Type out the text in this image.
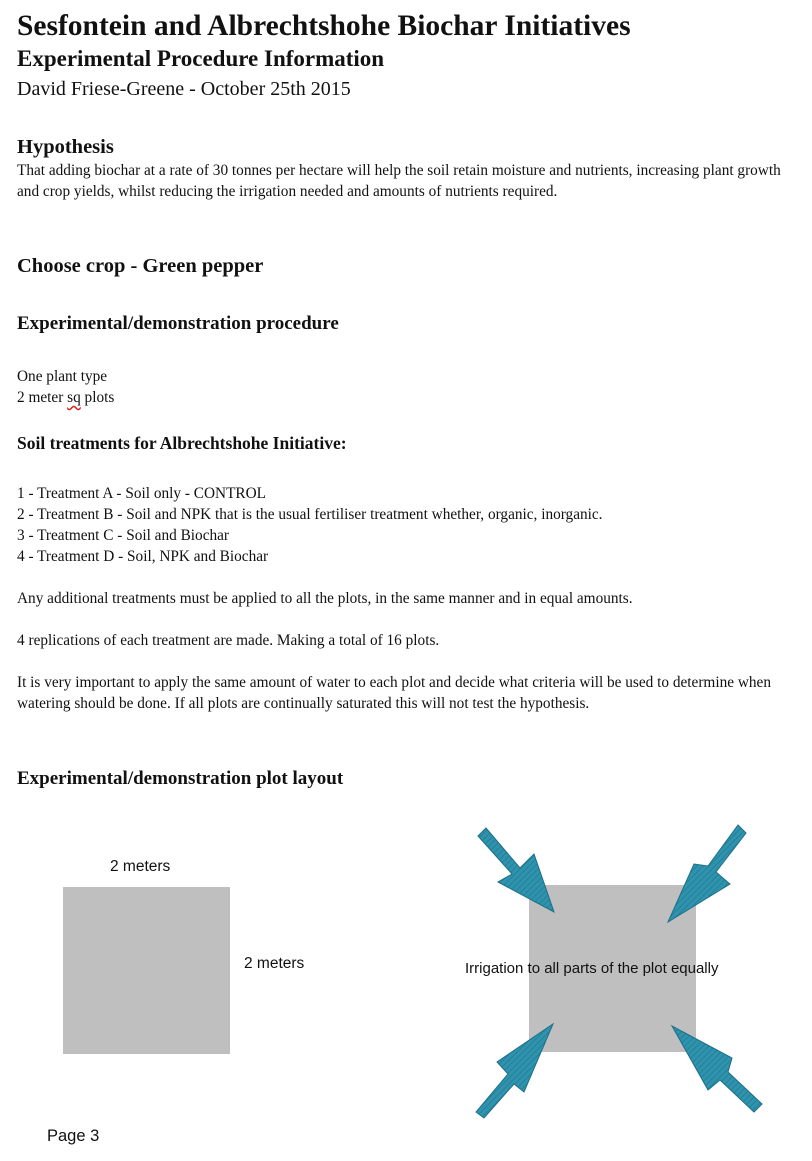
Sesfontein and Albrechtshohe Biochar Initiatives
Experimental Procedure Information
David Friese-Greene - October 25th 2015
Hypothesis
That adding biochar at a rate of 30 tonnes per hectare will help the soil retain moisture and nutrients, increasing plant growth and crop yields, whilst reducing the irrigation needed and amounts of nutrients required.
Choose crop - Green pepper
Experimental/demonstration procedure
One plant type
2 meter sq plots
Soil treatments for Albrechtshohe Initiative:
1 - Treatment A - Soil only - CONTROL
2 - Treatment B - Soil and NPK that is the usual fertiliser treatment whether, organic, inorganic.
3 - Treatment C - Soil and Biochar
4 - Treatment D - Soil, NPK and Biochar
Any additional treatments must be applied to all the plots, in the same manner and in equal amounts.
4 replications of each treatment are made. Making a total of 16 plots.
It is very important to apply the same amount of water to each plot and decide what criteria will be used to determine when watering should be done. If all plots are continually saturated this will not test the hypothesis.
Experimental/demonstration plot layout
2 meters
2 meters	Irrigation to all parts of the plot equally
Page 3
